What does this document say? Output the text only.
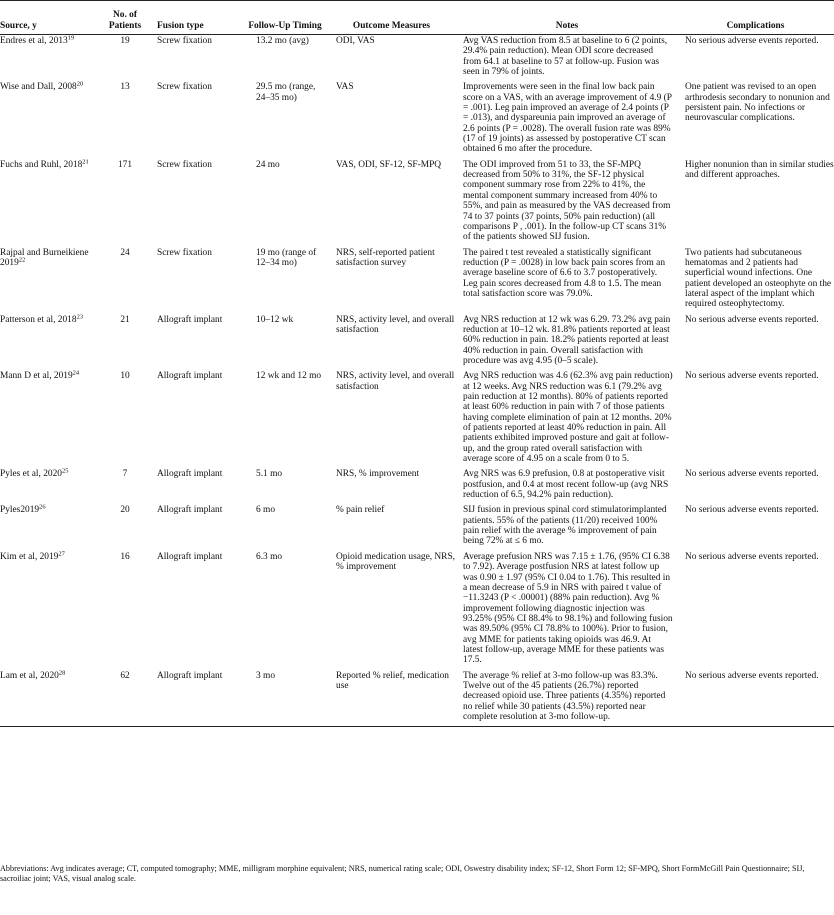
Source, y	No. of Patients	Fusion type	Follow-Up Timing	Outcome Measures	Notes	Complications
Endres et al, 2013$^{19}$	19	Screw fixation	13.2 mo (avg)	ODI, VAS	Avg VAS reduction from 8.5 at baseline to 6 (2 points, 29.4% pain reduction). Mean ODI score decreased from 64.1 at baseline to 57 at follow-up. Fusion was seen in 79% of joints.	No serious adverse events reported.
Wise and Dall, 2008$^{20}$	13	Screw fixation	29.5 mo (range, 24–35 mo)	VAS	Improvements were seen in the final low back pain score on a VAS, with an average improvement of 4.9 (P = .001). Leg pain improved an average of 2.4 points (P = .013), and dyspareunia pain improved an average of 2.6 points (P = .0028). The overall fusion rate was 89% (17 of 19 joints) as assessed by postoperative CT scan obtained 6 mo after the procedure.	One patient was revised to an open arthrodesis secondary to nonunion and persistent pain. No infections or neurovascular complications.
Fuchs and Ruhl, 2018$^{21}$	171	Screw fixation	24 mo	VAS, ODI, SF-12, SF-MPQ	The ODI improved from 51 to 33, the SF-MPQ decreased from 50% to 31%, the SF-12 physical component summary rose from 22% to 41%, the mental component summary increased from 40% to 55%, and pain as measured by the VAS decreased from 74 to 37 points (37 points, 50% pain reduction) (all comparisons P , .001). In the follow-up CT scans 31% of the patients showed SIJ fusion.	Higher nonunion than in similar studies and different approaches.
Rajpal and Burneikiene 2019$^{22}$	24	Screw fixation	19 mo (range of 12–34 mo)	NRS, self-reported patient satisfaction survey	The paired t test revealed a statistically significant reduction (P = .0028) in low back pain scores from an average baseline score of 6.6 to 3.7 postoperatively. Leg pain scores decreased from 4.8 to 1.5. The mean total satisfaction score was 79.0%.	Two patients had subcutaneous hematomas and 2 patients had superficial wound infections. One patient developed an osteophyte on the lateral aspect of the implant which required osteophytectomy.
Patterson et al, 2018$^{23}$	21	Allograft implant	10–12 wk	NRS, activity level, and overall satisfaction	Avg NRS reduction at 12 wk was 6.29. 73.2% avg pain reduction at 10–12 wk. 81.8% patients reported at least 60% reduction in pain. 18.2% patients reported at least 40% reduction in pain. Overall satisfaction with procedure was avg 4.95 (0–5 scale).	No serious adverse events reported.
Mann D et al, 2019$^{24}$	10	Allograft implant	12 wk and 12 mo	NRS, activity level, and overall satisfaction	Avg NRS reduction was 4.6 (62.3% avg pain reduction) at 12 weeks. Avg NRS reduction was 6.1 (79.2% avg pain reduction at 12 months). 80% of patients reported at least 60% reduction in pain with 7 of those patients having complete elimination of pain at 12 months. 20% of patients reported at least 40% reduction in pain. All patients exhibited improved posture and gait at follow-up, and the group rated overall satisfaction with average score of 4.95 on a scale from 0 to 5.	No serious adverse events reported.
Pyles et al, 2020$^{25}$	7	Allograft implant	5.1 mo	NRS, % improvement	Avg NRS was 6.9 prefusion, 0.8 at postoperative visit postfusion, and 0.4 at most recent follow-up (avg NRS reduction of 6.5, 94.2% pain reduction).	No serious adverse events reported.
Pyles2019$^{26}$	20	Allograft implant	6 mo	% pain relief	SIJ fusion in previous spinal cord stimulatorimplanted patients. 55% of the patients (11/20) received 100% pain relief with the average % improvement of pain being 72% at ≤ 6 mo.	No serious adverse events reported.
Kim et al, 2019$^{27}$	16	Allograft implant	6.3 mo	Opioid medication usage, NRS, % improvement	Average prefusion NRS was 7.15 ± 1.76, (95% CI 6.38 to 7.92). Average postfusion NRS at latest follow up was 0.90 ± 1.97 (95% CI 0.04 to 1.76). This resulted in a mean decrease of 5.9 in NRS with paired t value of −11.3243 (P < .00001) (88% pain reduction). Avg % improvement following diagnostic injection was 93.25% (95% CI 88.4% to 98.1%) and following fusion was 89.50% (95% CI 78.8% to 100%). Prior to fusion, avg MME for patients taking opioids was 46.9. At latest follow-up, average MME for these patients was 17.5.	No serious adverse events reported.
Lam et al, 2020$^{28}$	62	Allograft implant	3 mo	Reported % relief, medication use	The average % relief at 3-mo follow-up was 83.3%. Twelve out of the 45 patients (26.7%) reported decreased opioid use. Three patients (4.35%) reported no relief while 30 patients (43.5%) reported near complete resolution at 3-mo follow-up.	No serious adverse events reported.
Abbreviations: Avg indicates average; CT, computed tomography; MME, milligram morphine equivalent; NRS, numerical rating scale; ODI, Oswestry disability index; SF-12, Short Form 12; SF-MPQ, Short FormMcGill Pain Questionnaire; SIJ, sacroiliac joint; VAS, visual analog scale.
